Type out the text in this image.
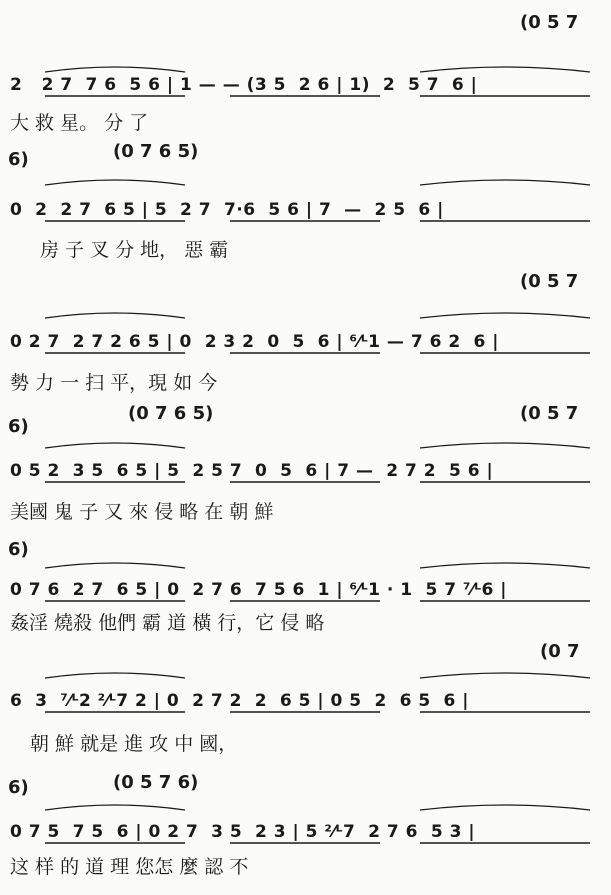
(0 5 7
2   2 7  7 6  5 6 | 1 — — (3 5  2 6 | 1)  2  5 7  6 |
大 救 星。 分 了
6)	(0 7 6 5)
0  2  2 7  6 5 | 5  2 7  7·6  5 6 | 7  —  2 5  6 |
房 子 叉 分 地， 惡 霸
(0 5 7
0 2 7  2 7 2 6 5 | 0  2 3 2  0  5  6 | ⁶⁄ᴸ1 — 7 6 2  6 |
勢 力 一 扫 平，現 如 今
6)
(0 7 6 5)	(0 5 7
0 5 2  3 5  6 5 | 5  2 5 7  0  5  6 | 7 —  2 7 2  5 6 |
美國 鬼 子 又 來 侵 略 在 朝 鮮
6)
0 7 6  2 7  6 5 | 0  2 7 6  7 5 6  1 | ⁶⁄ᴸ1 · 1  5 7 ⁷⁄ᴸ6 |
姦淫 燒殺 他們 霸 道 橫 行，它 侵 略
(0 7
6  3  ⁷⁄ᴸ2 ²⁄ᴸ7 2 | 0  2 7 2  2  6 5 | 0 5  2  6 5  6 |
朝 鮮 就是 進 攻 中 國，
6)	(0 5 7 6)
0 7 5  7 5  6 | 0 2 7  3 5  2 3 | 5 ²⁄ᴸ7  2 7 6  5 3 |
这 样 的 道 理 您怎 麼 認 不
